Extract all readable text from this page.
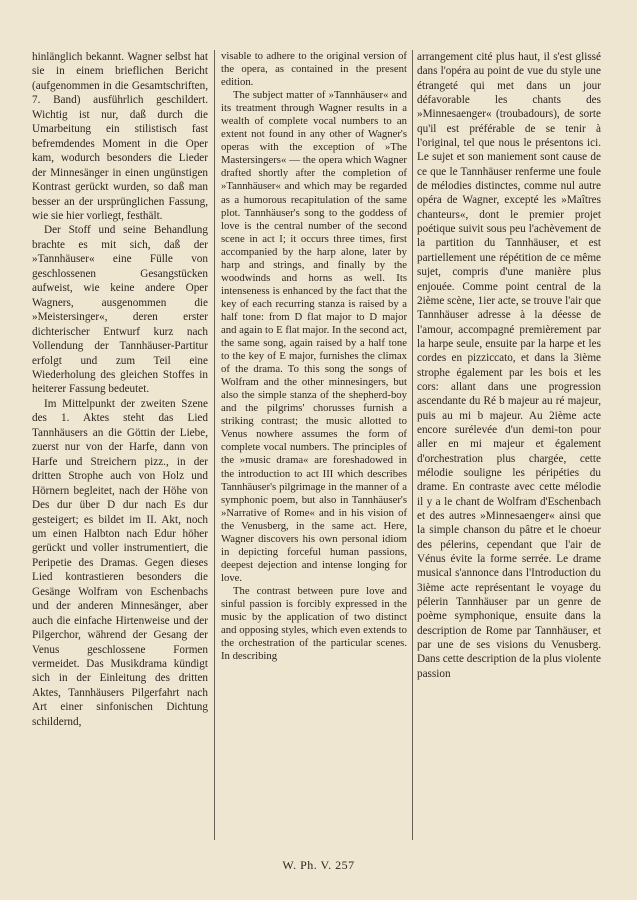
hinlänglich bekannt. Wagner selbst hat sie in einem brieflichen Bericht (aufgenommen in die Gesamtschriften, 7. Band) ausführlich geschildert. Wichtig ist nur, daß durch die Umarbeitung ein stilistisch fast befremdendes Moment in die Oper kam, wodurch besonders die Lieder der Minnesänger in einen ungünstigen Kontrast gerückt wurden, so daß man besser an der ursprünglichen Fassung, wie sie hier vorliegt, festhält.

Der Stoff und seine Behandlung brachte es mit sich, daß der »Tannhäuser« eine Fülle von geschlossenen Gesangstücken aufweist, wie keine andere Oper Wagners, ausgenommen die »Meistersinger«, deren erster dichterischer Entwurf kurz nach Vollendung der Tannhäuser-Partitur erfolgt und zum Teil eine Wiederholung des gleichen Stoffes in heiterer Fassung bedeutet.

Im Mittelpunkt der zweiten Szene des 1. Aktes steht das Lied Tannhäusers an die Göttin der Liebe, zuerst nur von der Harfe, dann von Harfe und Streichern pizz., in der dritten Strophe auch von Holz und Hörnern begleitet, nach der Höhe von Des dur über D dur nach Es dur gesteigert; es bildet im II. Akt, noch um einen Halbton nach Edur höher gerückt und voller instrumentiert, die Peripetie des Dramas. Gegen dieses Lied kontrastieren besonders die Gesänge Wolfram von Eschenbachs und der anderen Minnesänger, aber auch die einfache Hirtenweise und der Pilgerchor, während der Gesang der Venus geschlossene Formen vermeidet. Das Musikdrama kündigt sich in der Einleitung des dritten Aktes, Tannhäusers Pilgerfahrt nach Art einer sinfonischen Dichtung schildernd,

visable to adhere to the original version of the opera, as contained in the present edition.

The subject matter of »Tannhäuser« and its treatment through Wagner results in a wealth of complete vocal numbers to an extent not found in any other of Wagner's operas with the exception of »The Mastersingers« — the opera which Wagner drafted shortly after the completion of »Tannhäuser« and which may be regarded as a humorous recapitulation of the same plot. Tannhäuser's song to the goddess of love is the central number of the second scene in act I; it occurs three times, first accompanied by the harp alone, later by harp and strings, and finally by the woodwinds and horns as well. Its intenseness is enhanced by the fact that the key of each recurring stanza is raised by a half tone: from D flat major to D major and again to E flat major. In the second act, the same song, again raised by a half tone to the key of E major, furnishes the climax of the drama. To this song the songs of Wolfram and the other minnesingers, but also the simple stanza of the shepherd-boy and the pilgrims' chorusses furnish a striking contrast; the music allotted to Venus nowhere assumes the form of complete vocal numbers. The principles of the »music drama« are foreshadowed in the introduction to act III which describes Tannhäuser's pilgrimage in the manner of a symphonic poem, but also in Tannhäuser's »Narrative of Rome« and in his vision of the Venusberg, in the same act. Here, Wagner discovers his own personal idiom in depicting forceful human passions, deepest dejection and intense longing for love.

The contrast between pure love and sinful passion is forcibly expressed in the music by the application of two distinct and opposing styles, which even extends to the orchestration of the particular scenes. In describing

arrangement cité plus haut, il s'est glissé dans l'opéra au point de vue du style une étrangeté qui met dans un jour défavorable les chants des »Minnesaenger« (troubadours), de sorte qu'il est préférable de se tenir à l'original, tel que nous le présentons ici. Le sujet et son maniement sont cause de ce que le Tannhäuser renferme une foule de mélodies distinctes, comme nul autre opéra de Wagner, excepté les »Maîtres chanteurs«, dont le premier projet poétique suivit sous peu l'achèvement de la partition du Tannhäuser, et est partiellement une répétition de ce même sujet, compris d'une manière plus enjouée. Comme point central de la 2ième scène, 1ier acte, se trouve l'air que Tannhäuser adresse à la déesse de l'amour, accompagné premièrement par la harpe seule, ensuite par la harpe et les cordes en pizziccato, et dans la 3ième strophe également par les bois et les cors: allant dans une progression ascendante du Ré b majeur au ré majeur, puis au mi b majeur. Au 2ième acte encore surélevée d'un demi-ton pour aller en mi majeur et également d'orchestration plus chargée, cette mélodie souligne les péripéties du drame. En contraste avec cette mélodie il y a le chant de Wolfram d'Eschenbach et des autres »Minnesaenger« ainsi que la simple chanson du pâtre et le choeur des pélerins, cependant que l'air de Vénus évite la forme serrée. Le drame musical s'annonce dans l'Introduction du 3ième acte représentant le voyage du pélerin Tannhäuser par un genre de poème symphonique, ensuite dans la description de Rome par Tannhäuser, et par une de ses visions du Venusberg. Dans cette description de la plus violente passion

W. Ph. V. 257
